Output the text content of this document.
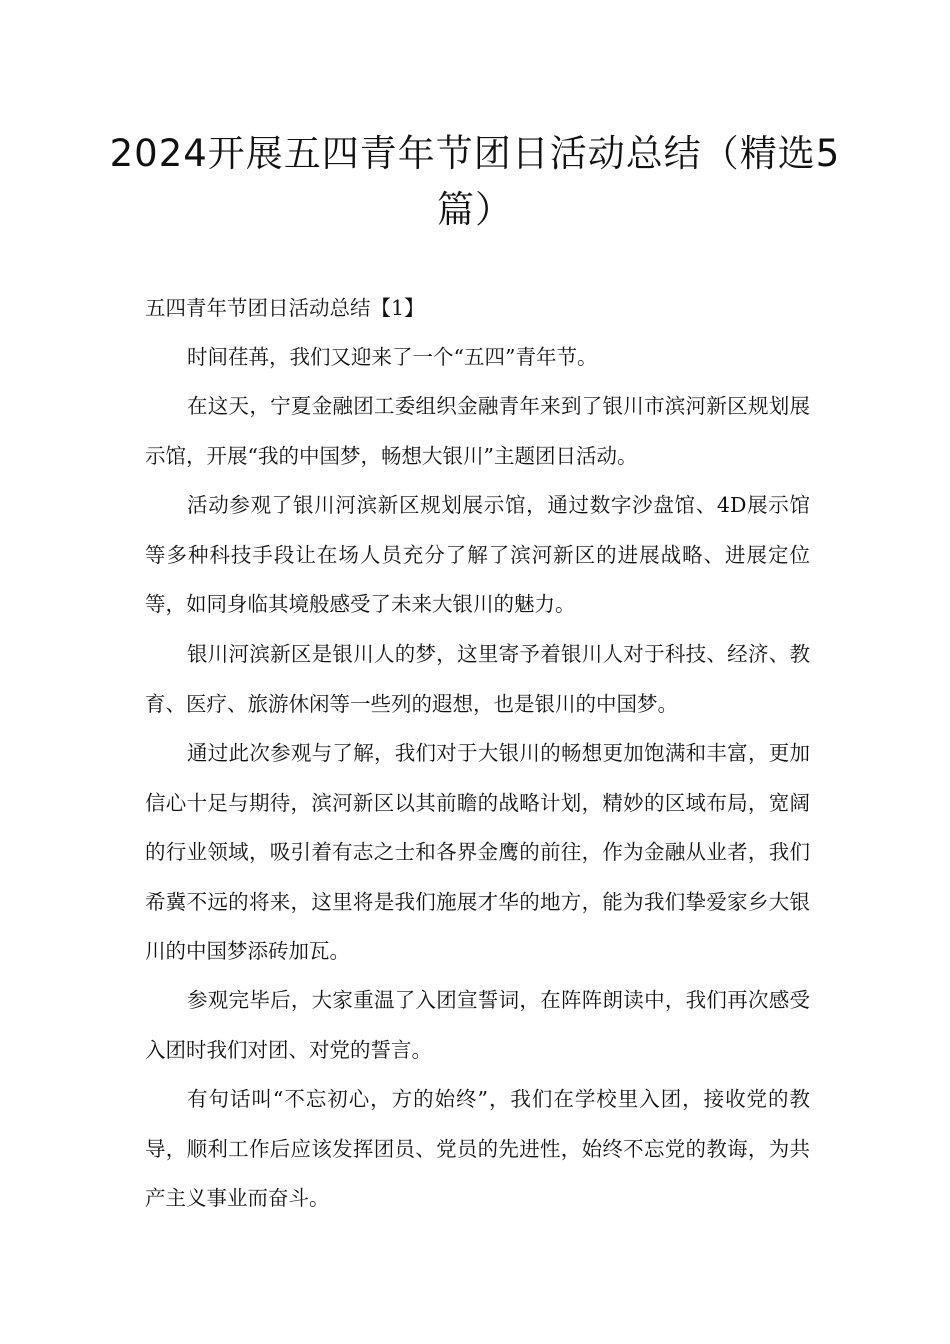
2024开展五四青年节团日活动总结（精选5篇）

五四青年节团日活动总结【1】

时间荏苒，我们又迎来了一个“五四”青年节。

在这天，宁夏金融团工委组织金融青年来到了银川市滨河新区规划展示馆，开展“我的中国梦，畅想大银川”主题团日活动。

活动参观了银川河滨新区规划展示馆，通过数字沙盘馆、4D展示馆等多种科技手段让在场人员充分了解了滨河新区的进展战略、进展定位等，如同身临其境般感受了未来大银川的魅力。

银川河滨新区是银川人的梦，这里寄予着银川人对于科技、经济、教育、医疗、旅游休闲等一些列的遐想，也是银川的中国梦。

通过此次参观与了解，我们对于大银川的畅想更加饱满和丰富，更加信心十足与期待，滨河新区以其前瞻的战略计划，精妙的区域布局，宽阔的行业领域，吸引着有志之士和各界金鹰的前往，作为金融从业者，我们希冀不远的将来，这里将是我们施展才华的地方，能为我们挚爱家乡大银川的中国梦添砖加瓦。

参观完毕后，大家重温了入团宣誓词，在阵阵朗读中，我们再次感受入团时我们对团、对党的誓言。

有句话叫“不忘初心，方的始终”，我们在学校里入团，接收党的教导，顺利工作后应该发挥团员、党员的先进性，始终不忘党的教诲，为共产主义事业而奋斗。
